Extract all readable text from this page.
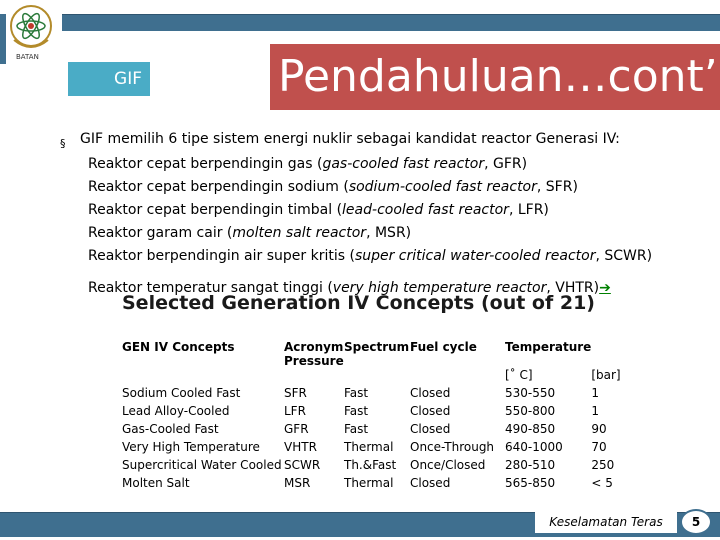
BATAN
GIF	Pendahuluan…cont’
§ GIF memilih 6 tipe sistem energi nuklir sebagai kandidat reactor Generasi IV:
Reaktor cepat berpendingin gas (gas-cooled fast reactor, GFR)
Reaktor cepat berpendingin sodium (sodium-cooled fast reactor, SFR)
Reaktor cepat berpendingin timbal (lead-cooled fast reactor, LFR)
Reaktor garam cair (molten salt reactor, MSR)
Reaktor berpendingin air super kritis (super critical water-cooled reactor, SCWR)
Reaktor temperatur sangat tinggi (very high temperature reactor, VHTR)➔
Selected Generation IV Concepts (out of 21)
GEN IV Concepts	Acronym Pressure	Spectrum	Fuel cycle	Temperature	
				[˚ C]	[bar]
Sodium Cooled Fast	SFR	Fast	Closed	530-550	1
Lead Alloy-Cooled	LFR	Fast	Closed	550-800	1
Gas-Cooled Fast	GFR	Fast	Closed	490-850	90
Very High Temperature	VHTR	Thermal	Once-Through	640-1000	70
Supercritical Water Cooled	SCWR	Th.&Fast	Once/Closed	280-510	250
Molten Salt	MSR	Thermal	Closed	565-850	< 5
Keselamatan Teras	5
